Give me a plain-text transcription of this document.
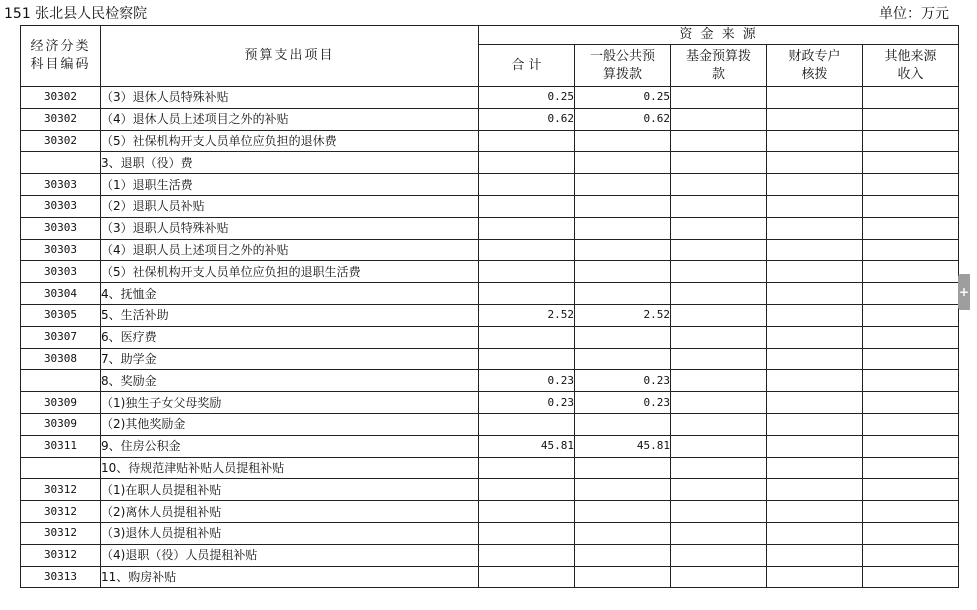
151 张北县人民检察院	单位：万元
经济分类科目编码	预算支出项目	资 金 来 源				
		合 计	一般公共预算拨款	基金预算拨款	财政专户核拨	其他来源收入
30302	（3）退休人员特殊补贴	0.25	0.25			
30302	（4）退休人员上述项目之外的补贴	0.62	0.62			
30302	（5）社保机构开支人员单位应负担的退休费					
	3、退职（役）费					
30303	（1）退职生活费					
30303	（2）退职人员补贴					
30303	（3）退职人员特殊补贴					
30303	（4）退职人员上述项目之外的补贴					
30303	（5）社保机构开支人员单位应负担的退职生活费					
30304	4、抚恤金					
30305	5、生活补助	2.52	2.52			
30307	6、医疗费					
30308	7、助学金					
	8、奖励金	0.23	0.23			
30309	（1)独生子女父母奖励	0.23	0.23			
30309	（2)其他奖励金					
30311	9、住房公积金	45.81	45.81			
	10、待规范津贴补贴人员提租补贴					
30312	（1)在职人员提租补贴					
30312	（2)离休人员提租补贴					
30312	（3)退休人员提租补贴					
30312	（4)退职（役）人员提租补贴					
30313	11、购房补贴					
+
